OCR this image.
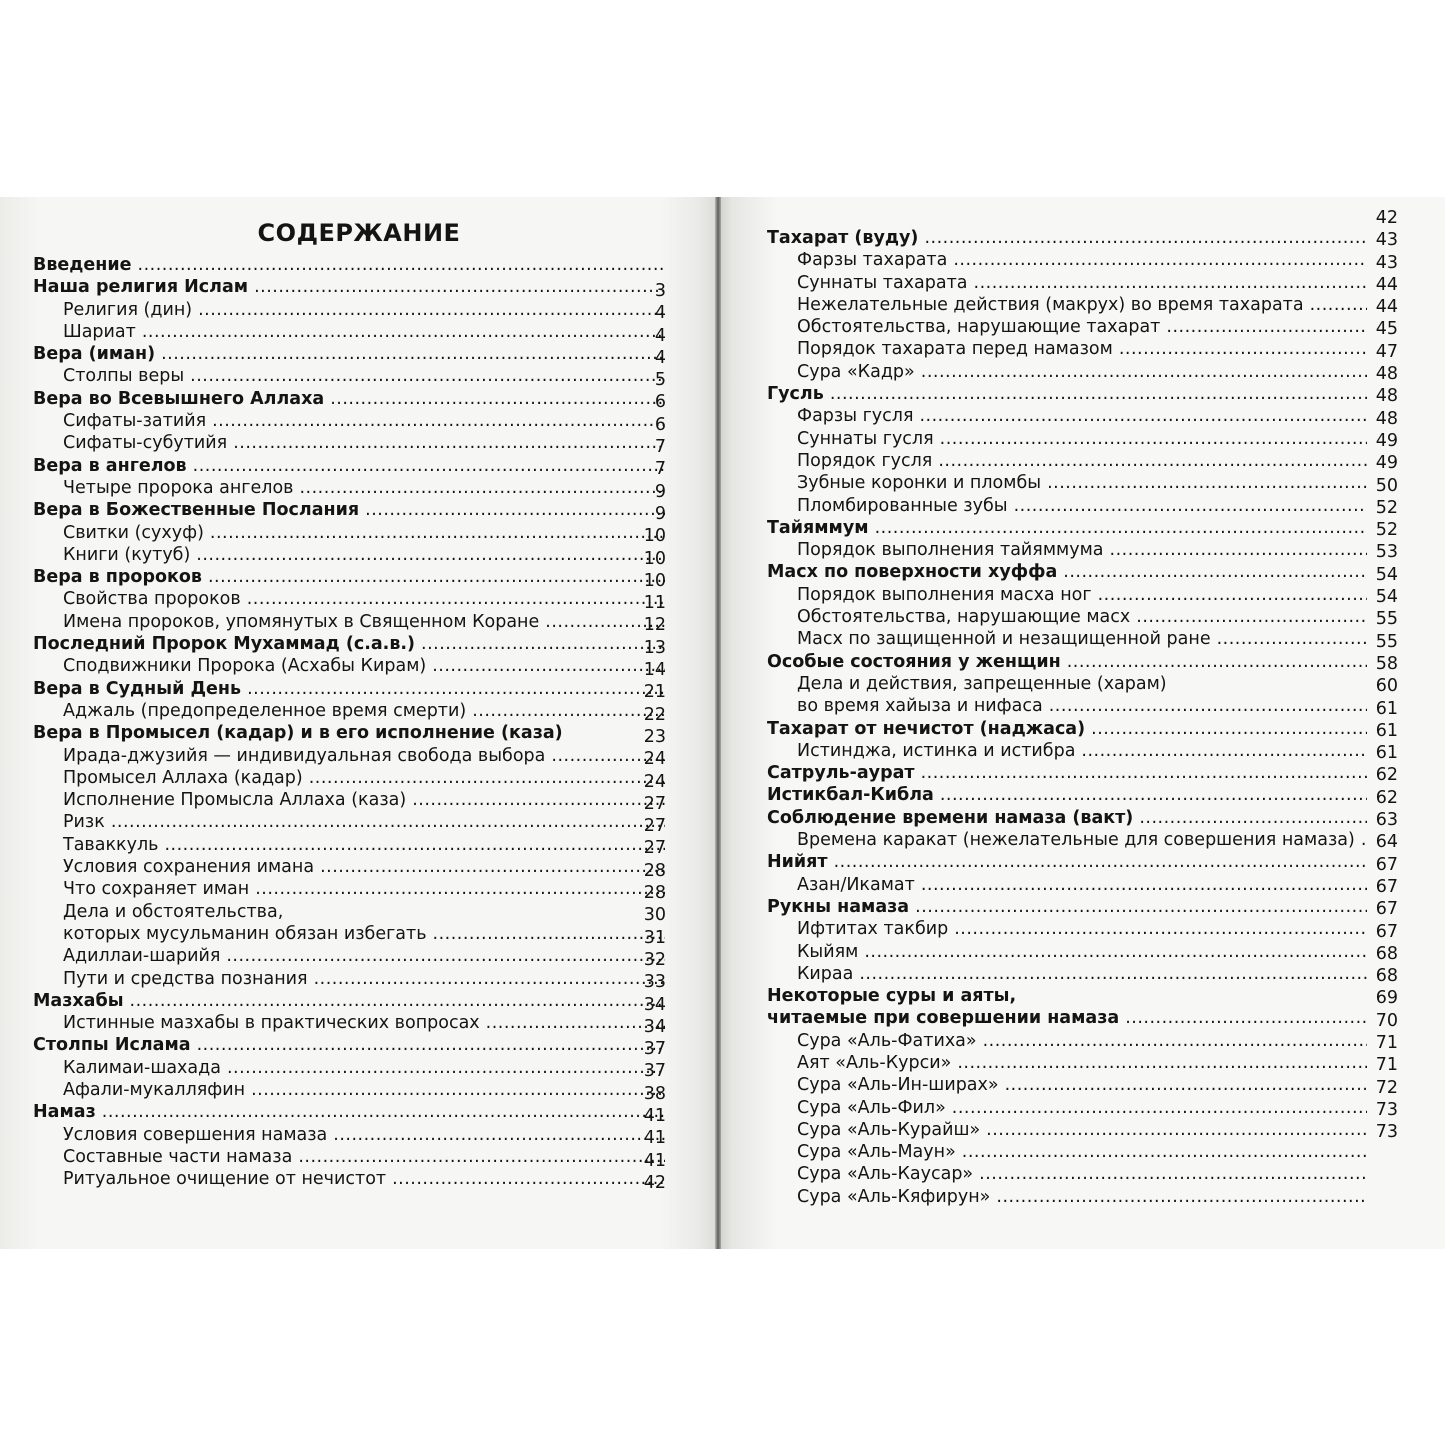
СОДЕРЖАНИЕ
Введение
.....
Наша религия Ислам
.....
Религия (дин)
.....
Шариат
.....
Вера (иман)
.....
Столпы веры
.....
Вера во Всевышнего Аллаха
.....
Сифаты-затийя
.....
Сифаты-субутийя
.....
Вера в ангелов
.....
Четыре пророка ангелов
.....
Вера в Божественные Послания
.....
Свитки (сухуф)
.....
Книги (кутуб)
.....
Вера в пророков
.....
Свойства пророков
.....
Имена пророков, упомянутых в Священном Коране
.....
Последний Пророк Мухаммад (с.а.в.)
.....
Сподвижники Пророка (Асхабы Кирам)
.....
Вера в Судный День
.....
Аджаль (предопределенное время смерти)
.....
Вера в Промысел (кадар) и в его исполнение (каза)
Ирада-джузийя — индивидуальная свобода выбора
.....
Промысел Аллаха (кадар)
.....
Исполнение Промысла Аллаха (каза)
.....
Ризк
.....
Таваккуль
.....
Условия сохранения имана
.....
Что сохраняет иман
.....
Дела и обстоятельства,
которых мусульманин обязан избегать
.....
Адиллаи-шарийя
.....
Пути и средства познания
.....
Мазхабы
.....
Истинные мазхабы в практических вопросах
.....
Столпы Ислама
.....
Калимаи-шахада
.....
Афали-мукалляфин
.....
Намаз
.....
Условия совершения намаза
.....
Составные части намаза
.....
Ритуальное очищение от нечистот
.....
3
4
4
4
5
6
6
7
7
9
9
10
10
10
11
12
13
14
21
22
23
24
24
27
27
27
28
28
30
31
32
33
34
34
37
37
38
41
41
41
42
Тахарат (вуду)
.....
Фарзы тахарата
.....
Суннаты тахарата
.....
Нежелательные действия (макрух) во время тахарата
.....
Обстоятельства, нарушающие тахарат
.....
Порядок тахарата перед намазом
.....
Сура «Кадр»
.....
Гусль
.....
Фарзы гусля
.....
Суннаты гусля
.....
Порядок гусля
.....
Зубные коронки и пломбы
.....
Пломбированные зубы
.....
Тайяммум
.....
Порядок выполнения тайяммума
.....
Масх по поверхности хуффа
.....
Порядок выполнения масха ног
.....
Обстоятельства, нарушающие масх
.....
Масх по защищенной и незащищенной ране
.....
Особые состояния у женщин
.....
Дела и действия, запрещенные (харам)
во время хайыза и нифаса
.....
Тахарат от нечистот (наджаса)
.....
Истинджа, истинка и истибра
.....
Сатруль-аурат
.....
Истикбал-Кибла
.....
Соблюдение времени намаза (вакт)
.....
Времена каракат (нежелательные для совершения намаза)
.....
Нийят
.....
Азан/Икамат
.....
Рукны намаза
.....
Ифтитах такбир
.....
Кыйям
.....
Кираа
.....
Некоторые суры и аяты,
читаемые при совершении намаза
.....
Сура «Аль-Фатиха»
.....
Аят «Аль-Курси»
.....
Сура «Аль-Ин-ширах»
.....
Сура «Аль-Фил»
.....
Сура «Аль-Курайш»
.....
Сура «Аль-Маун»
.....
Сура «Аль-Каусар»
.....
Сура «Аль-Кяфирун»
.....
42
43
43
44
44
45
47
48
48
48
49
49
50
52
52
53
54
54
55
55
58
60
61
61
61
62
62
63
64
67
67
67
67
68
68
69
70
71
71
72
73
73
